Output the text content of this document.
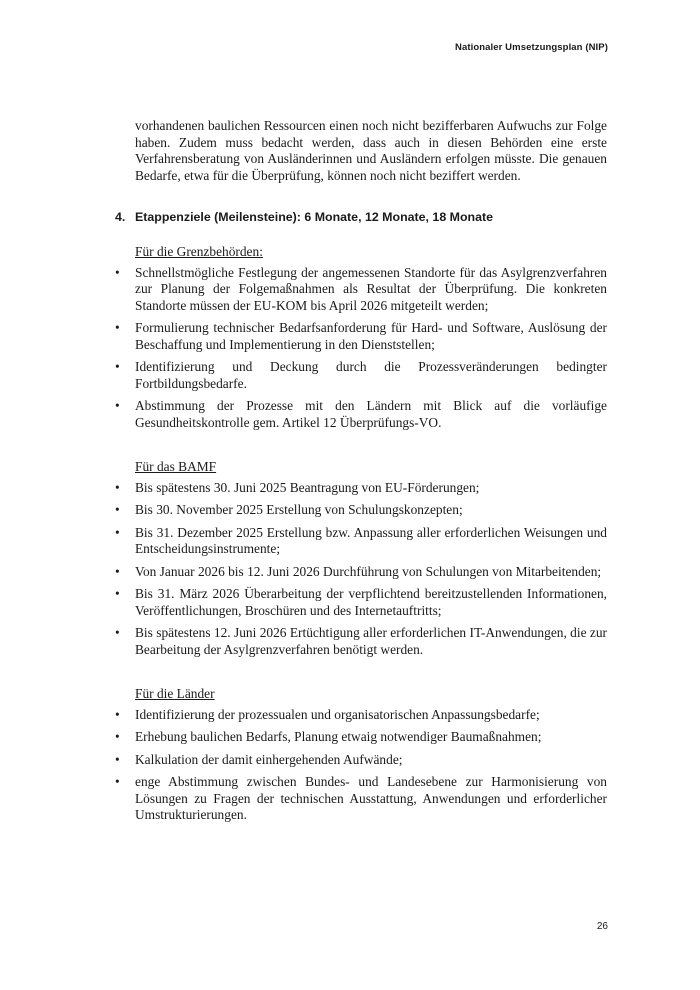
Nationaler Umsetzungsplan (NIP)

vorhandenen baulichen Ressourcen einen noch nicht bezifferbaren Aufwuchs zur Folge haben. Zudem muss bedacht werden, dass auch in diesen Behörden eine erste Verfahrensberatung von Ausländerinnen und Ausländern erfolgen müsste. Die genauen Bedarfe, etwa für die Überprüfung, können noch nicht beziffert werden.

4. Etappenziele (Meilensteine): 6 Monate, 12 Monate, 18 Monate

Für die Grenzbehörden:

• Schnellstmögliche Festlegung der angemessenen Standorte für das Asylgrenzverfahren zur Planung der Folgemaßnahmen als Resultat der Überprüfung. Die konkreten Standorte müssen der EU-KOM bis April 2026 mitgeteilt werden;
• Formulierung technischer Bedarfsanforderung für Hard- und Software, Auslösung der Beschaffung und Implementierung in den Dienststellen;
• Identifizierung und Deckung durch die Prozessveränderungen bedingter Fortbildungsbedarfe.
• Abstimmung der Prozesse mit den Ländern mit Blick auf die vorläufige Gesundheitskontrolle gem. Artikel 12 Überprüfungs-VO.

Für das BAMF

• Bis spätestens 30. Juni 2025 Beantragung von EU-Förderungen;
• Bis 30. November 2025 Erstellung von Schulungskonzepten;
• Bis 31. Dezember 2025 Erstellung bzw. Anpassung aller erforderlichen Weisungen und Entscheidungsinstrumente;
• Von Januar 2026 bis 12. Juni 2026 Durchführung von Schulungen von Mitarbeitenden;
• Bis 31. März 2026 Überarbeitung der verpflichtend bereitzustellenden Informationen, Veröffentlichungen, Broschüren und des Internetauftritts;
• Bis spätestens 12. Juni 2026 Ertüchtigung aller erforderlichen IT-Anwendungen, die zur Bearbeitung der Asylgrenzverfahren benötigt werden.

Für die Länder

• Identifizierung der prozessualen und organisatorischen Anpassungsbedarfe;
• Erhebung baulichen Bedarfs, Planung etwaig notwendiger Baumaßnahmen;
• Kalkulation der damit einhergehenden Aufwände;
• enge Abstimmung zwischen Bundes- und Landesebene zur Harmonisierung von Lösungen zu Fragen der technischen Ausstattung, Anwendungen und erforderlicher Umstrukturierungen.
26
